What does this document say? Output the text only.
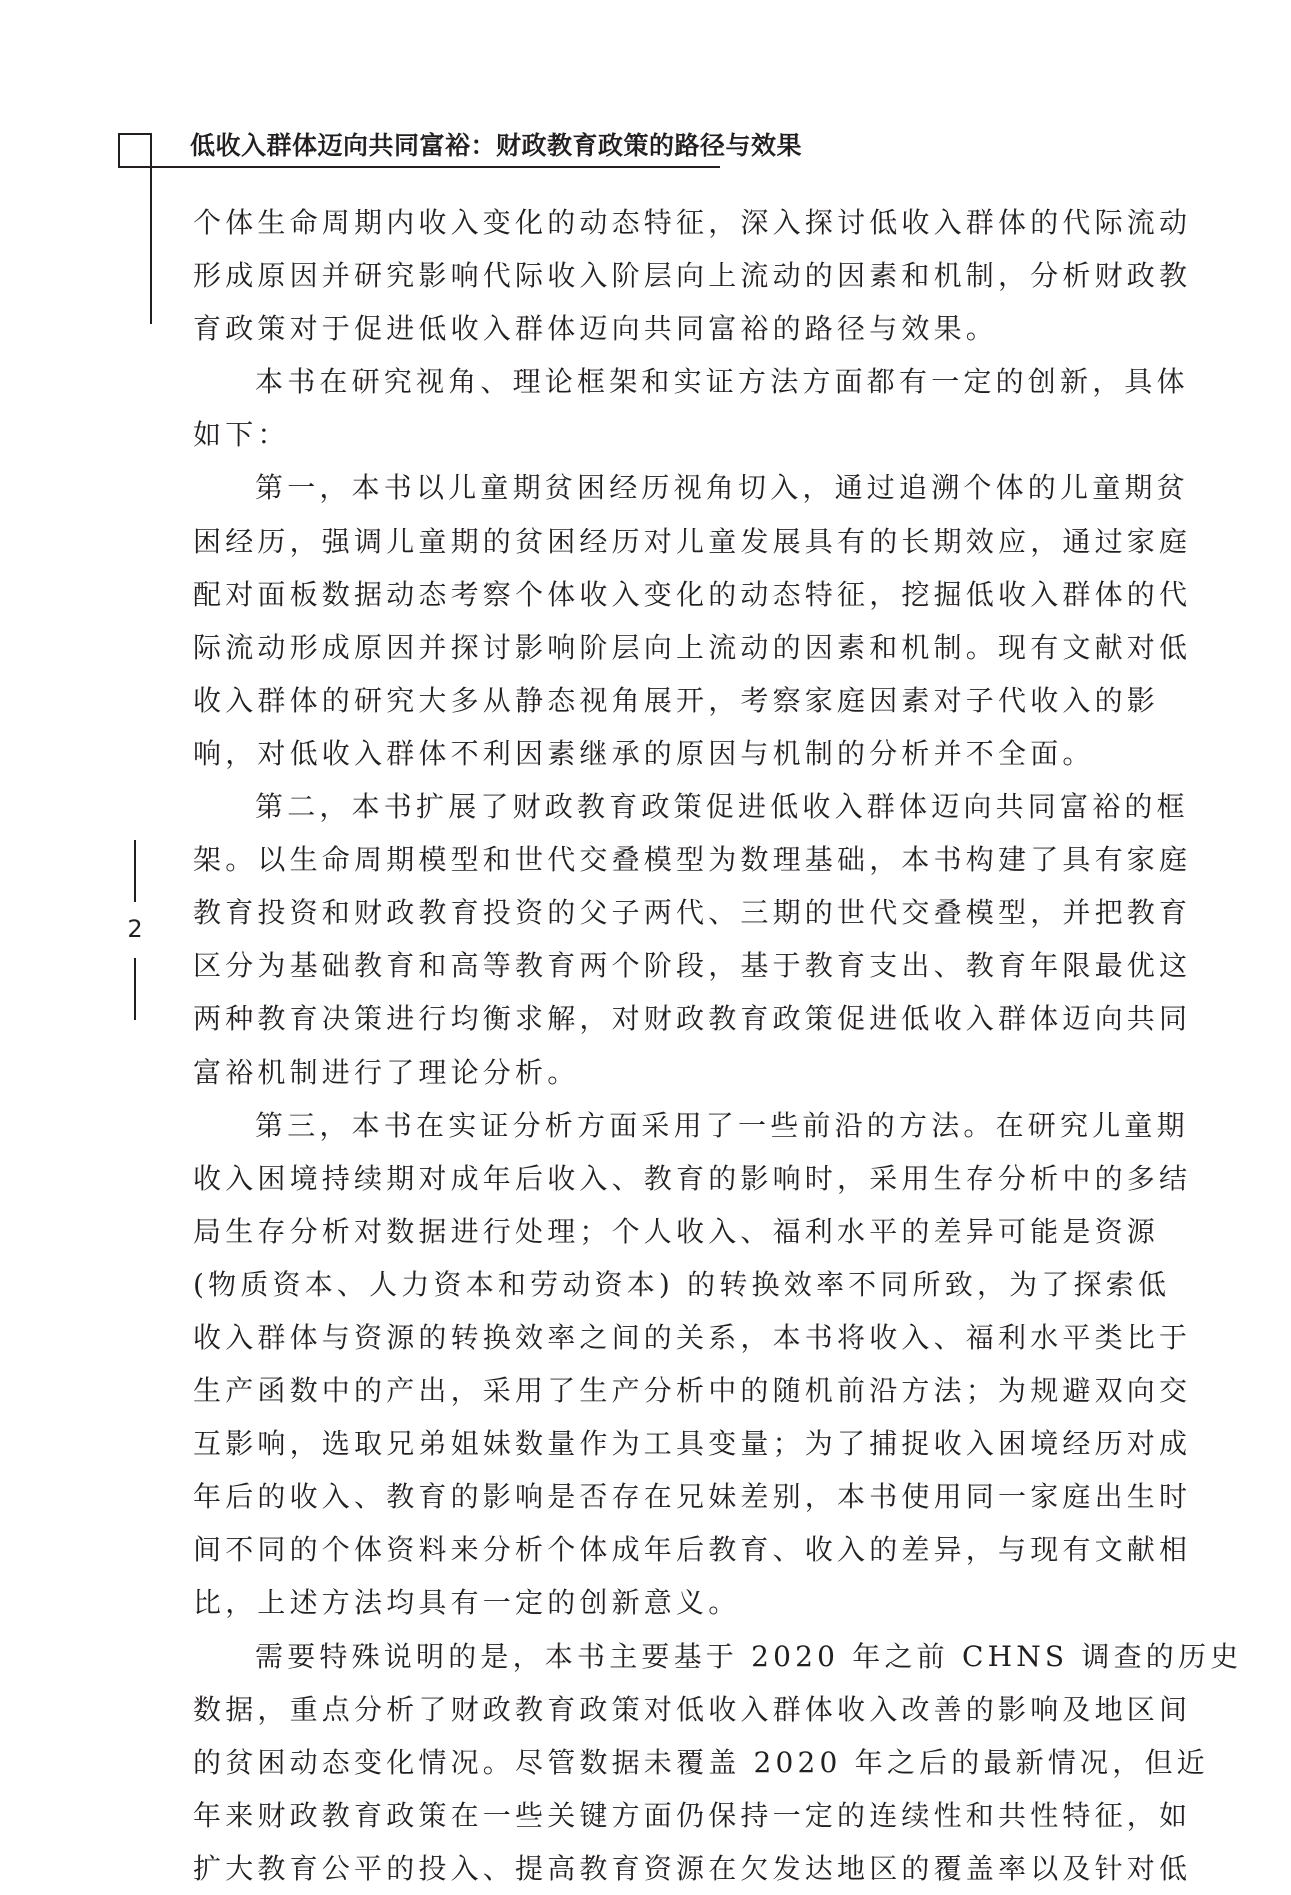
低收入群体迈向共同富裕：财政教育政策的路径与效果
2
个体生命周期内收入变化的动态特征，深入探讨低收入群体的代际流动
形成原因并研究影响代际收入阶层向上流动的因素和机制，分析财政教
育政策对于促进低收入群体迈向共同富裕的路径与效果。
本书在研究视角、理论框架和实证方法方面都有一定的创新，具体
如下：
第一，本书以儿童期贫困经历视角切入，通过追溯个体的儿童期贫
困经历，强调儿童期的贫困经历对儿童发展具有的长期效应，通过家庭
配对面板数据动态考察个体收入变化的动态特征，挖掘低收入群体的代
际流动形成原因并探讨影响阶层向上流动的因素和机制。现有文献对低
收入群体的研究大多从静态视角展开，考察家庭因素对子代收入的影
响，对低收入群体不利因素继承的原因与机制的分析并不全面。
第二，本书扩展了财政教育政策促进低收入群体迈向共同富裕的框
架。以生命周期模型和世代交叠模型为数理基础，本书构建了具有家庭
教育投资和财政教育投资的父子两代、三期的世代交叠模型，并把教育
区分为基础教育和高等教育两个阶段，基于教育支出、教育年限最优这
两种教育决策进行均衡求解，对财政教育政策促进低收入群体迈向共同
富裕机制进行了理论分析。
第三，本书在实证分析方面采用了一些前沿的方法。在研究儿童期
收入困境持续期对成年后收入、教育的影响时，采用生存分析中的多结
局生存分析对数据进行处理；个人收入、福利水平的差异可能是资源
(物质资本、人力资本和劳动资本) 的转换效率不同所致，为了探索低
收入群体与资源的转换效率之间的关系，本书将收入、福利水平类比于
生产函数中的产出，采用了生产分析中的随机前沿方法；为规避双向交
互影响，选取兄弟姐妹数量作为工具变量；为了捕捉收入困境经历对成
年后的收入、教育的影响是否存在兄妹差别，本书使用同一家庭出生时
间不同的个体资料来分析个体成年后教育、收入的差异，与现有文献相
比，上述方法均具有一定的创新意义。
需要特殊说明的是，本书主要基于 2020 年之前 CHNS 调查的历史
数据，重点分析了财政教育政策对低收入群体收入改善的影响及地区间
的贫困动态变化情况。尽管数据未覆盖 2020 年之后的最新情况，但近
年来财政教育政策在一些关键方面仍保持一定的连续性和共性特征，如
扩大教育公平的投入、提高教育资源在欠发达地区的覆盖率以及针对低
